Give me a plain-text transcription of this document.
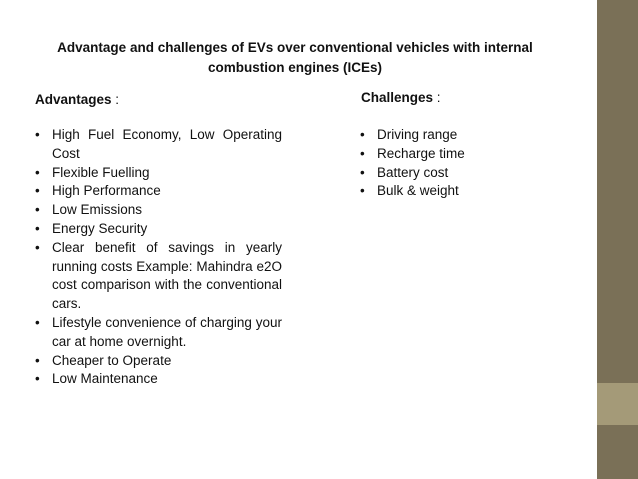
Advantage and challenges of EVs over conventional vehicles with internal combustion engines (ICEs)
Advantages :
• High Fuel Economy, Low Operating Cost
• Flexible Fuelling
• High Performance
• Low Emissions
• Energy Security
• Clear benefit of savings in yearly running costs Example: Mahindra e2O cost comparison with the conventional cars.
• Lifestyle convenience of charging your car at home overnight.
• Cheaper to Operate
• Low Maintenance
Challenges :
• Driving range
• Recharge time
• Battery cost
• Bulk & weight
